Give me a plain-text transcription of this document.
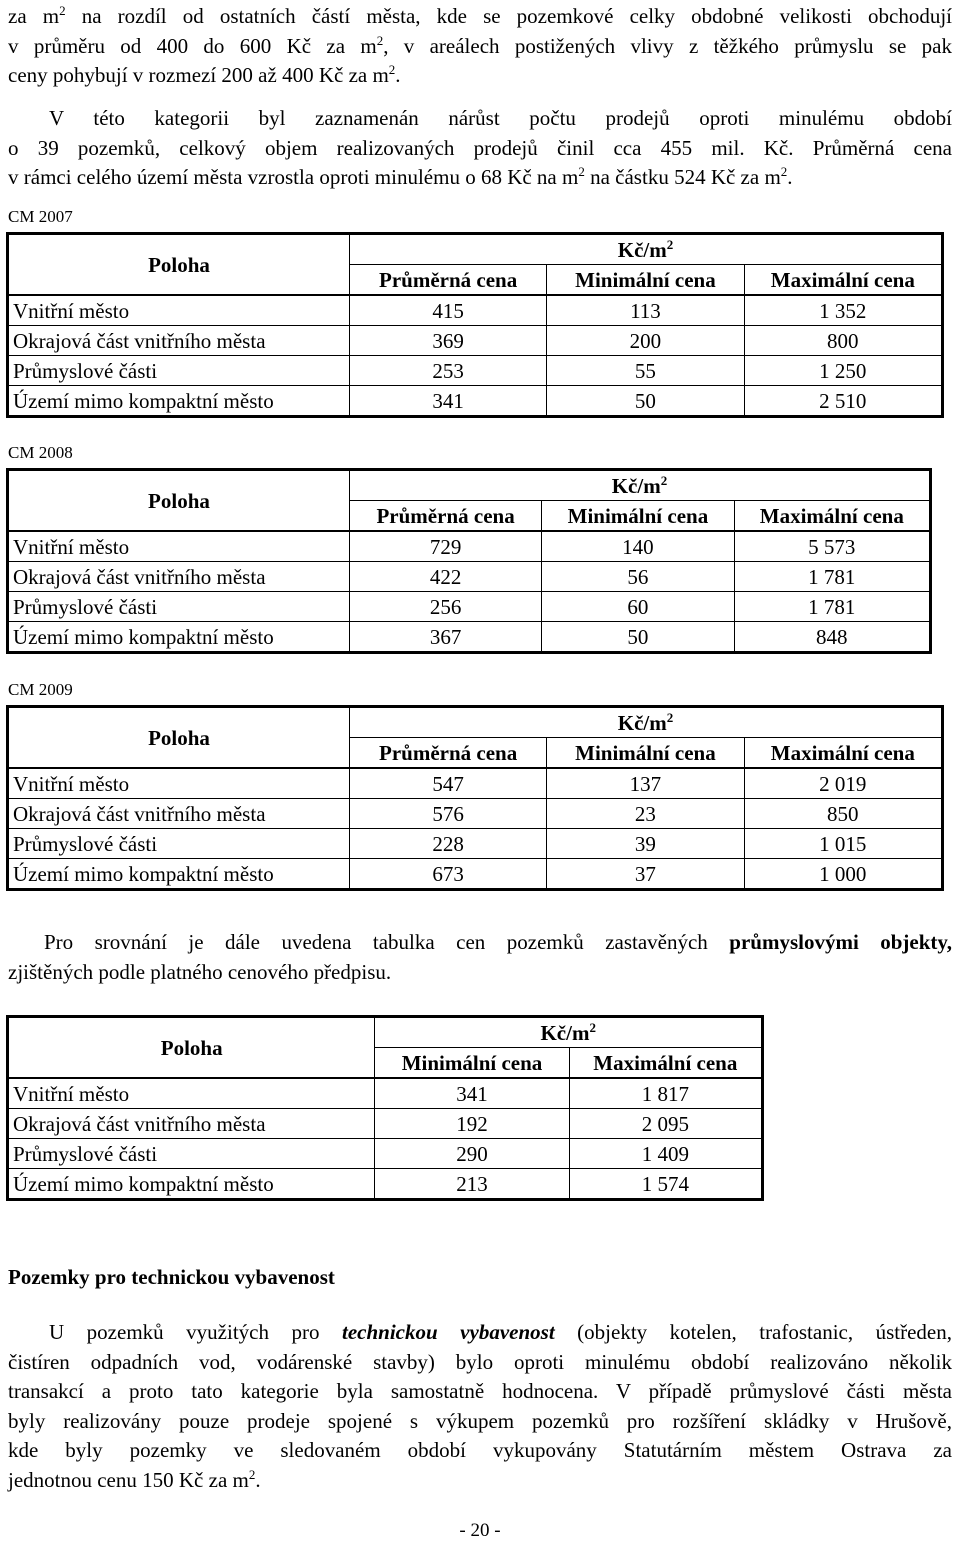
za $m^2$ na rozdíl od ostatních částí města, kde se pozemkové celky obdobné velikosti obchodují
v průměru od 400 do 600 Kč za $m^2$, v areálech postižených vlivy z těžkého průmyslu se pak
ceny pohybují v rozmezí 200 až 400 Kč za $m^2$.
V této kategorii byl zaznamenán nárůst počtu prodejů oproti minulému období
o 39 pozemků, celkový objem realizovaných prodejů činil cca 455 mil. Kč. Průměrná cena
v rámci celého území města vzrostla oproti minulému o 68 Kč na $m^2$ na částku 524 Kč za $m^2$.
CM 2007
Poloha	$Kč/m^2$
	Průměrná cena	Minimální cena	Maximální cena
Vnitřní město	415	113	1 352
Okrajová část vnitřního města	369	200	800
Průmyslové části	253	55	1 250
Území mimo kompaktní město	341	50	2 510
CM 2008
Poloha	$Kč/m^2$
	Průměrná cena	Minimální cena	Maximální cena
Vnitřní město	729	140	5 573
Okrajová část vnitřního města	422	56	1 781
Průmyslové části	256	60	1 781
Území mimo kompaktní město	367	50	848
CM 2009
Poloha	$Kč/m^2$
	Průměrná cena	Minimální cena	Maximální cena
Vnitřní město	547	137	2 019
Okrajová část vnitřního města	576	23	850
Průmyslové části	228	39	1 015
Území mimo kompaktní město	673	37	1 000
Pro srovnání je dále uvedena tabulka cen pozemků zastavěných průmyslovými objekty,
zjištěných podle platného cenového předpisu.
Poloha	$Kč/m^2$
	Minimální cena	Maximální cena
Vnitřní město	341	1 817
Okrajová část vnitřního města	192	2 095
Průmyslové části	290	1 409
Území mimo kompaktní město	213	1 574
Pozemky pro technickou vybavenost
U pozemků využitých pro technickou vybavenost (objekty kotelen, trafostanic, ústředen,
čistíren odpadních vod, vodárenské stavby) bylo oproti minulému období realizováno několik
transakcí a proto tato kategorie byla samostatně hodnocena. V případě průmyslové části města
byly realizovány pouze prodeje spojené s výkupem pozemků pro rozšíření skládky v Hrušově,
kde byly pozemky ve sledovaném období vykupovány Statutárním městem Ostrava za
jednotnou cenu 150 Kč za $m^2$.
- 20 -
